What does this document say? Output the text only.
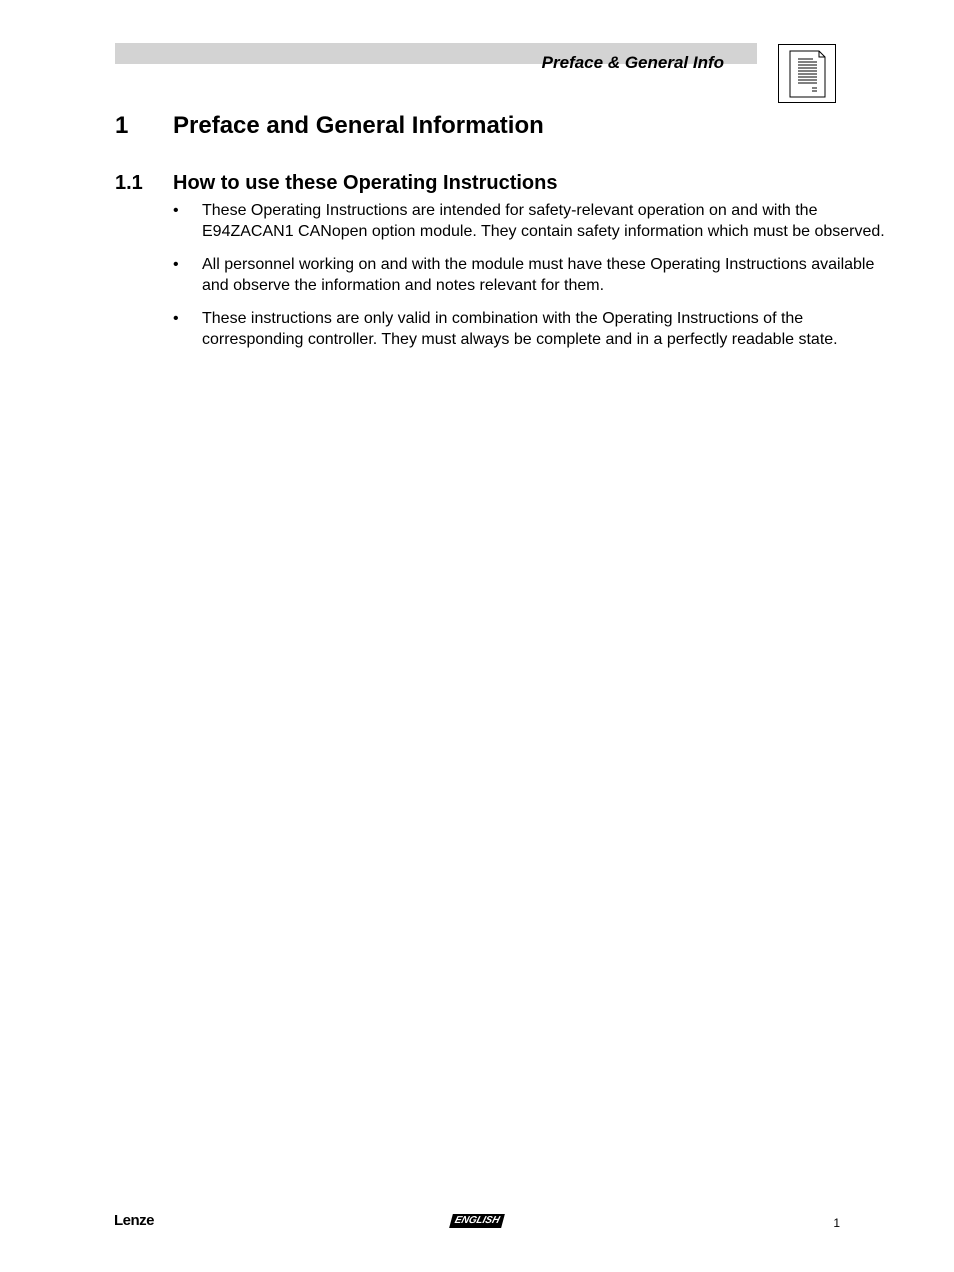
Preface & General Info
1 Preface and General Information
1.1 How to use these Operating Instructions
• These Operating Instructions are intended for safety-relevant operation on and with the E94ZACAN1 CANopen option module. They contain safety information which must be observed.
• All personnel working on and with the module must have these Operating Instructions available and observe the information and notes relevant for them.
• These instructions are only valid in combination with the Operating Instructions of the corresponding controller. They must always be complete and in a perfectly readable state.
Lenze	ENGLISH	1
